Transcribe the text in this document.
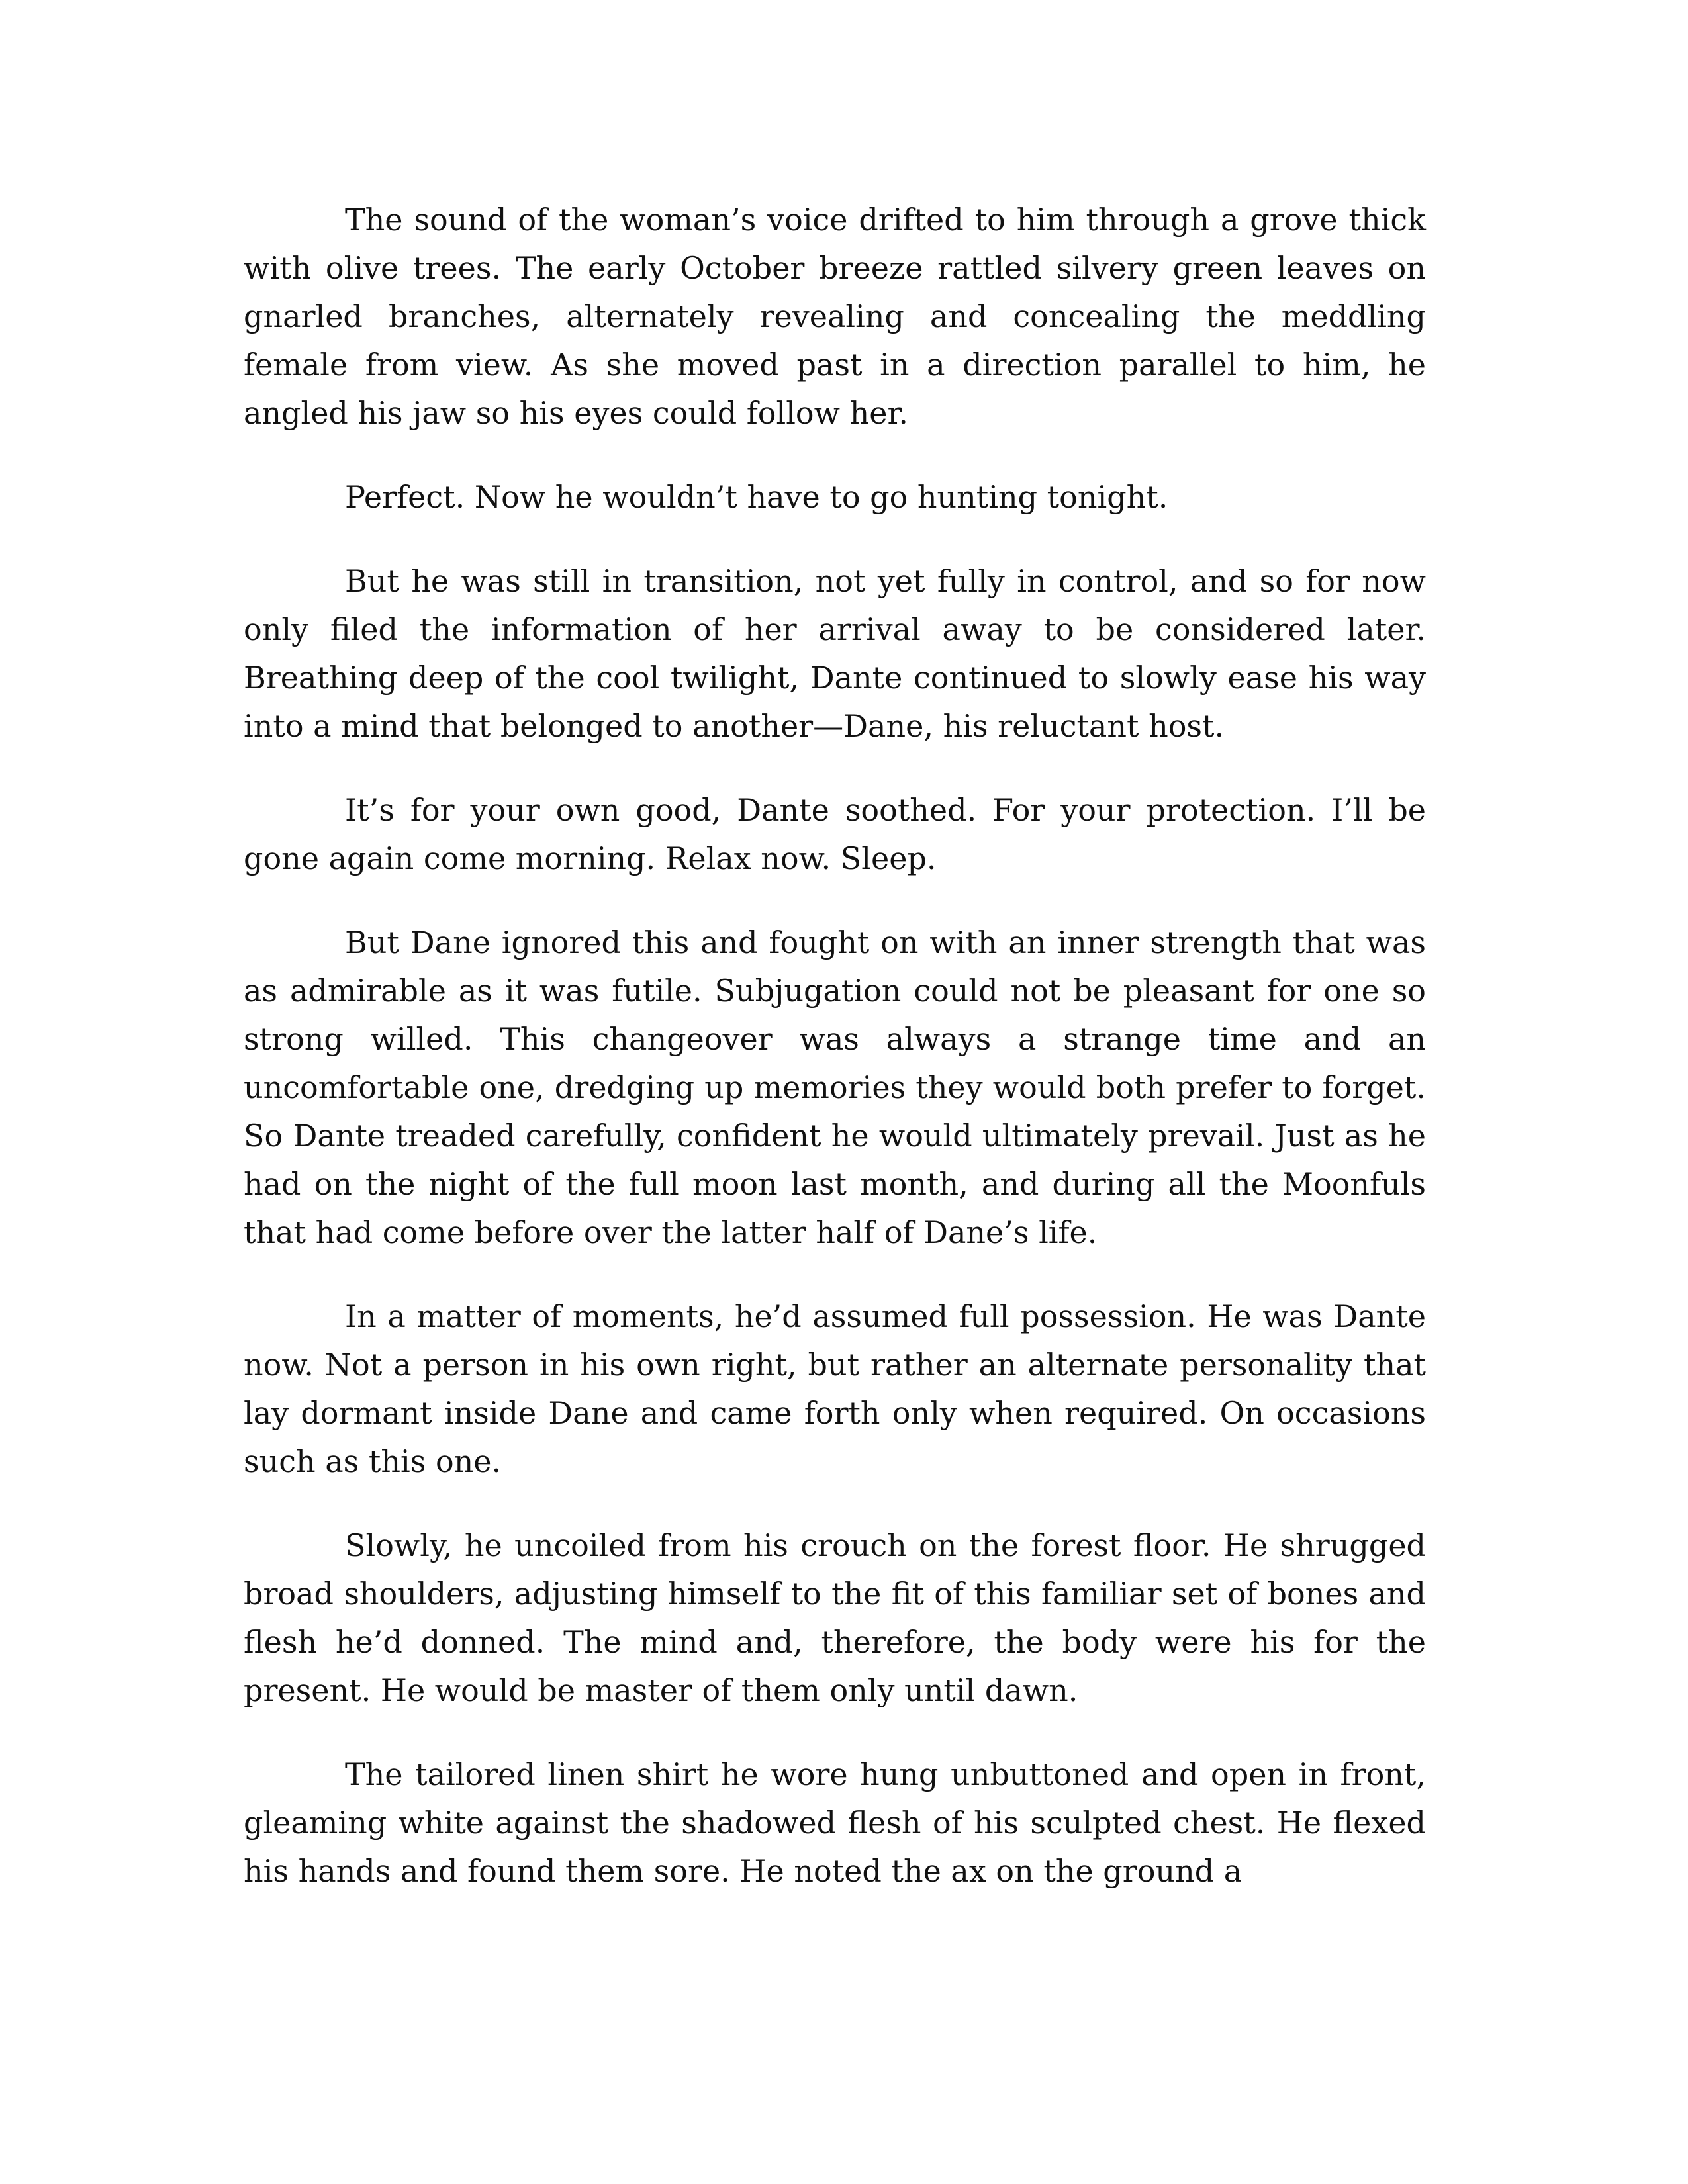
The sound of the woman’s voice drifted to him through a grove thick with olive trees. The early October breeze rattled silvery green leaves on gnarled branches, alternately revealing and concealing the meddling female from view. As she moved past in a direction parallel to him, he angled his jaw so his eyes could follow her.

Perfect. Now he wouldn’t have to go hunting tonight.

But he was still in transition, not yet fully in control, and so for now only filed the information of her arrival away to be considered later. Breathing deep of the cool twilight, Dante continued to slowly ease his way into a mind that belonged to another—Dane, his reluctant host.

It’s for your own good, Dante soothed. For your protection. I’ll be gone again come morning. Relax now. Sleep.

But Dane ignored this and fought on with an inner strength that was as admirable as it was futile. Subjugation could not be pleasant for one so strong willed. This changeover was always a strange time and an uncomfortable one, dredging up memories they would both prefer to forget. So Dante treaded carefully, confident he would ultimately prevail. Just as he had on the night of the full moon last month, and during all the Moonfuls that had come before over the latter half of Dane’s life.

In a matter of moments, he’d assumed full possession. He was Dante now. Not a person in his own right, but rather an alternate personality that lay dormant inside Dane and came forth only when required. On occasions such as this one.

Slowly, he uncoiled from his crouch on the forest floor. He shrugged broad shoulders, adjusting himself to the fit of this familiar set of bones and flesh he’d donned. The mind and, therefore, the body were his for the present. He would be master of them only until dawn.

The tailored linen shirt he wore hung unbuttoned and open in front, gleaming white against the shadowed flesh of his sculpted chest. He flexed his hands and found them sore. He noted the ax on the ground a
